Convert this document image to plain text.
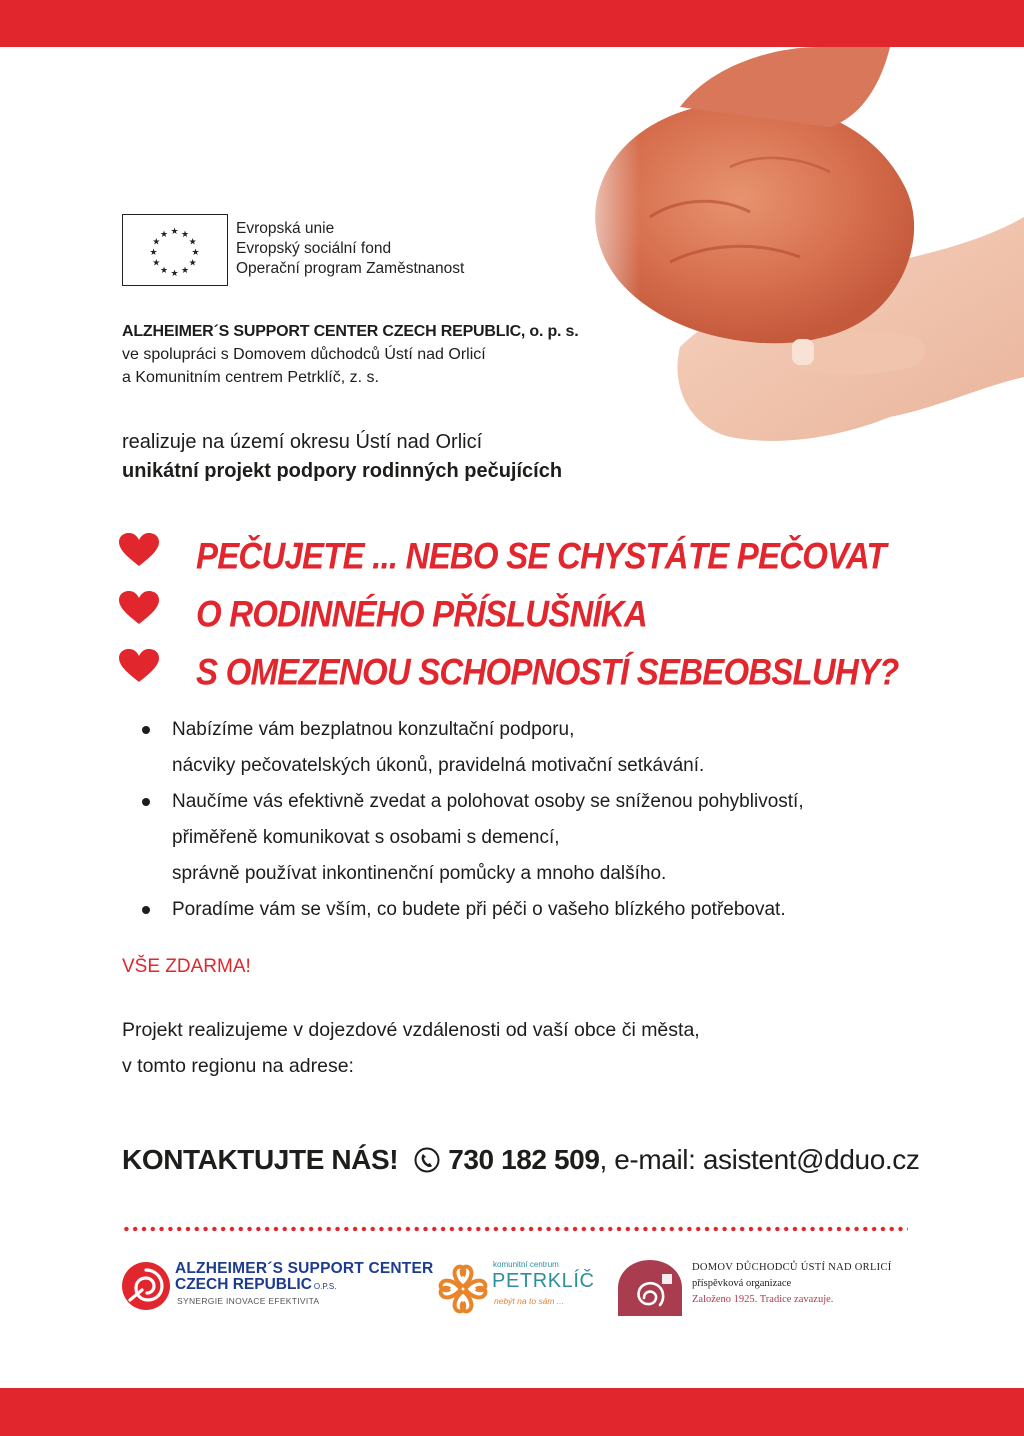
★ ★
★
★
★
★
★
★
★
★
★
★	Evropská unie
Evropský sociální fond
Operační program Zaměstnanost
ALZHEIMER´S SUPPORT CENTER CZECH REPUBLIC, o. p. s.
ve spolupráci s Domovem důchodců Ústí nad Orlicí
a Komunitním centrem Petrklíč, z. s.
realizuje na území okresu Ústí nad Orlicí
unikátní projekt podpory rodinných pečujících
PEČUJETE ... NEBO SE CHYSTÁTE PEČOVAT
O RODINNÉHO PŘÍSLUŠNÍKA
S OMEZENOU SCHOPNOSTÍ SEBEOBSLUHY?
Nabízíme vám bezplatnou konzultační podporu,
nácviky pečovatelských úkonů, pravidelná motivační setkávání.
Naučíme vás efektivně zvedat a polohovat osoby se sníženou pohyblivostí,
přiměřeně komunikovat s osobami s demencí,
správně používat inkontinenční pomůcky a mnoho dalšího.
Poradíme vám se vším, co budete při péči o vašeho blízkého potřebovat.
VŠE ZDARMA!
Projekt realizujeme v dojezdové vzdálenosti od vaší obce či města,
v tomto regionu na adrese:
KONTAKTUJTE NÁS! 730 182 509, e-mail: asistent@dduo.cz
ALZHEIMER´S SUPPORT CENTER
CZECH REPUBLIC O.P.S.
SYNERGIE INOVACE EFEKTIVITA
komunitní centrum
PETRKLÍČ
nebýt na to sám ...
DOMOV DŮCHODCŮ ÚSTÍ NAD ORLICÍ
příspěvková organizace
Založeno 1925. Tradice zavazuje.
